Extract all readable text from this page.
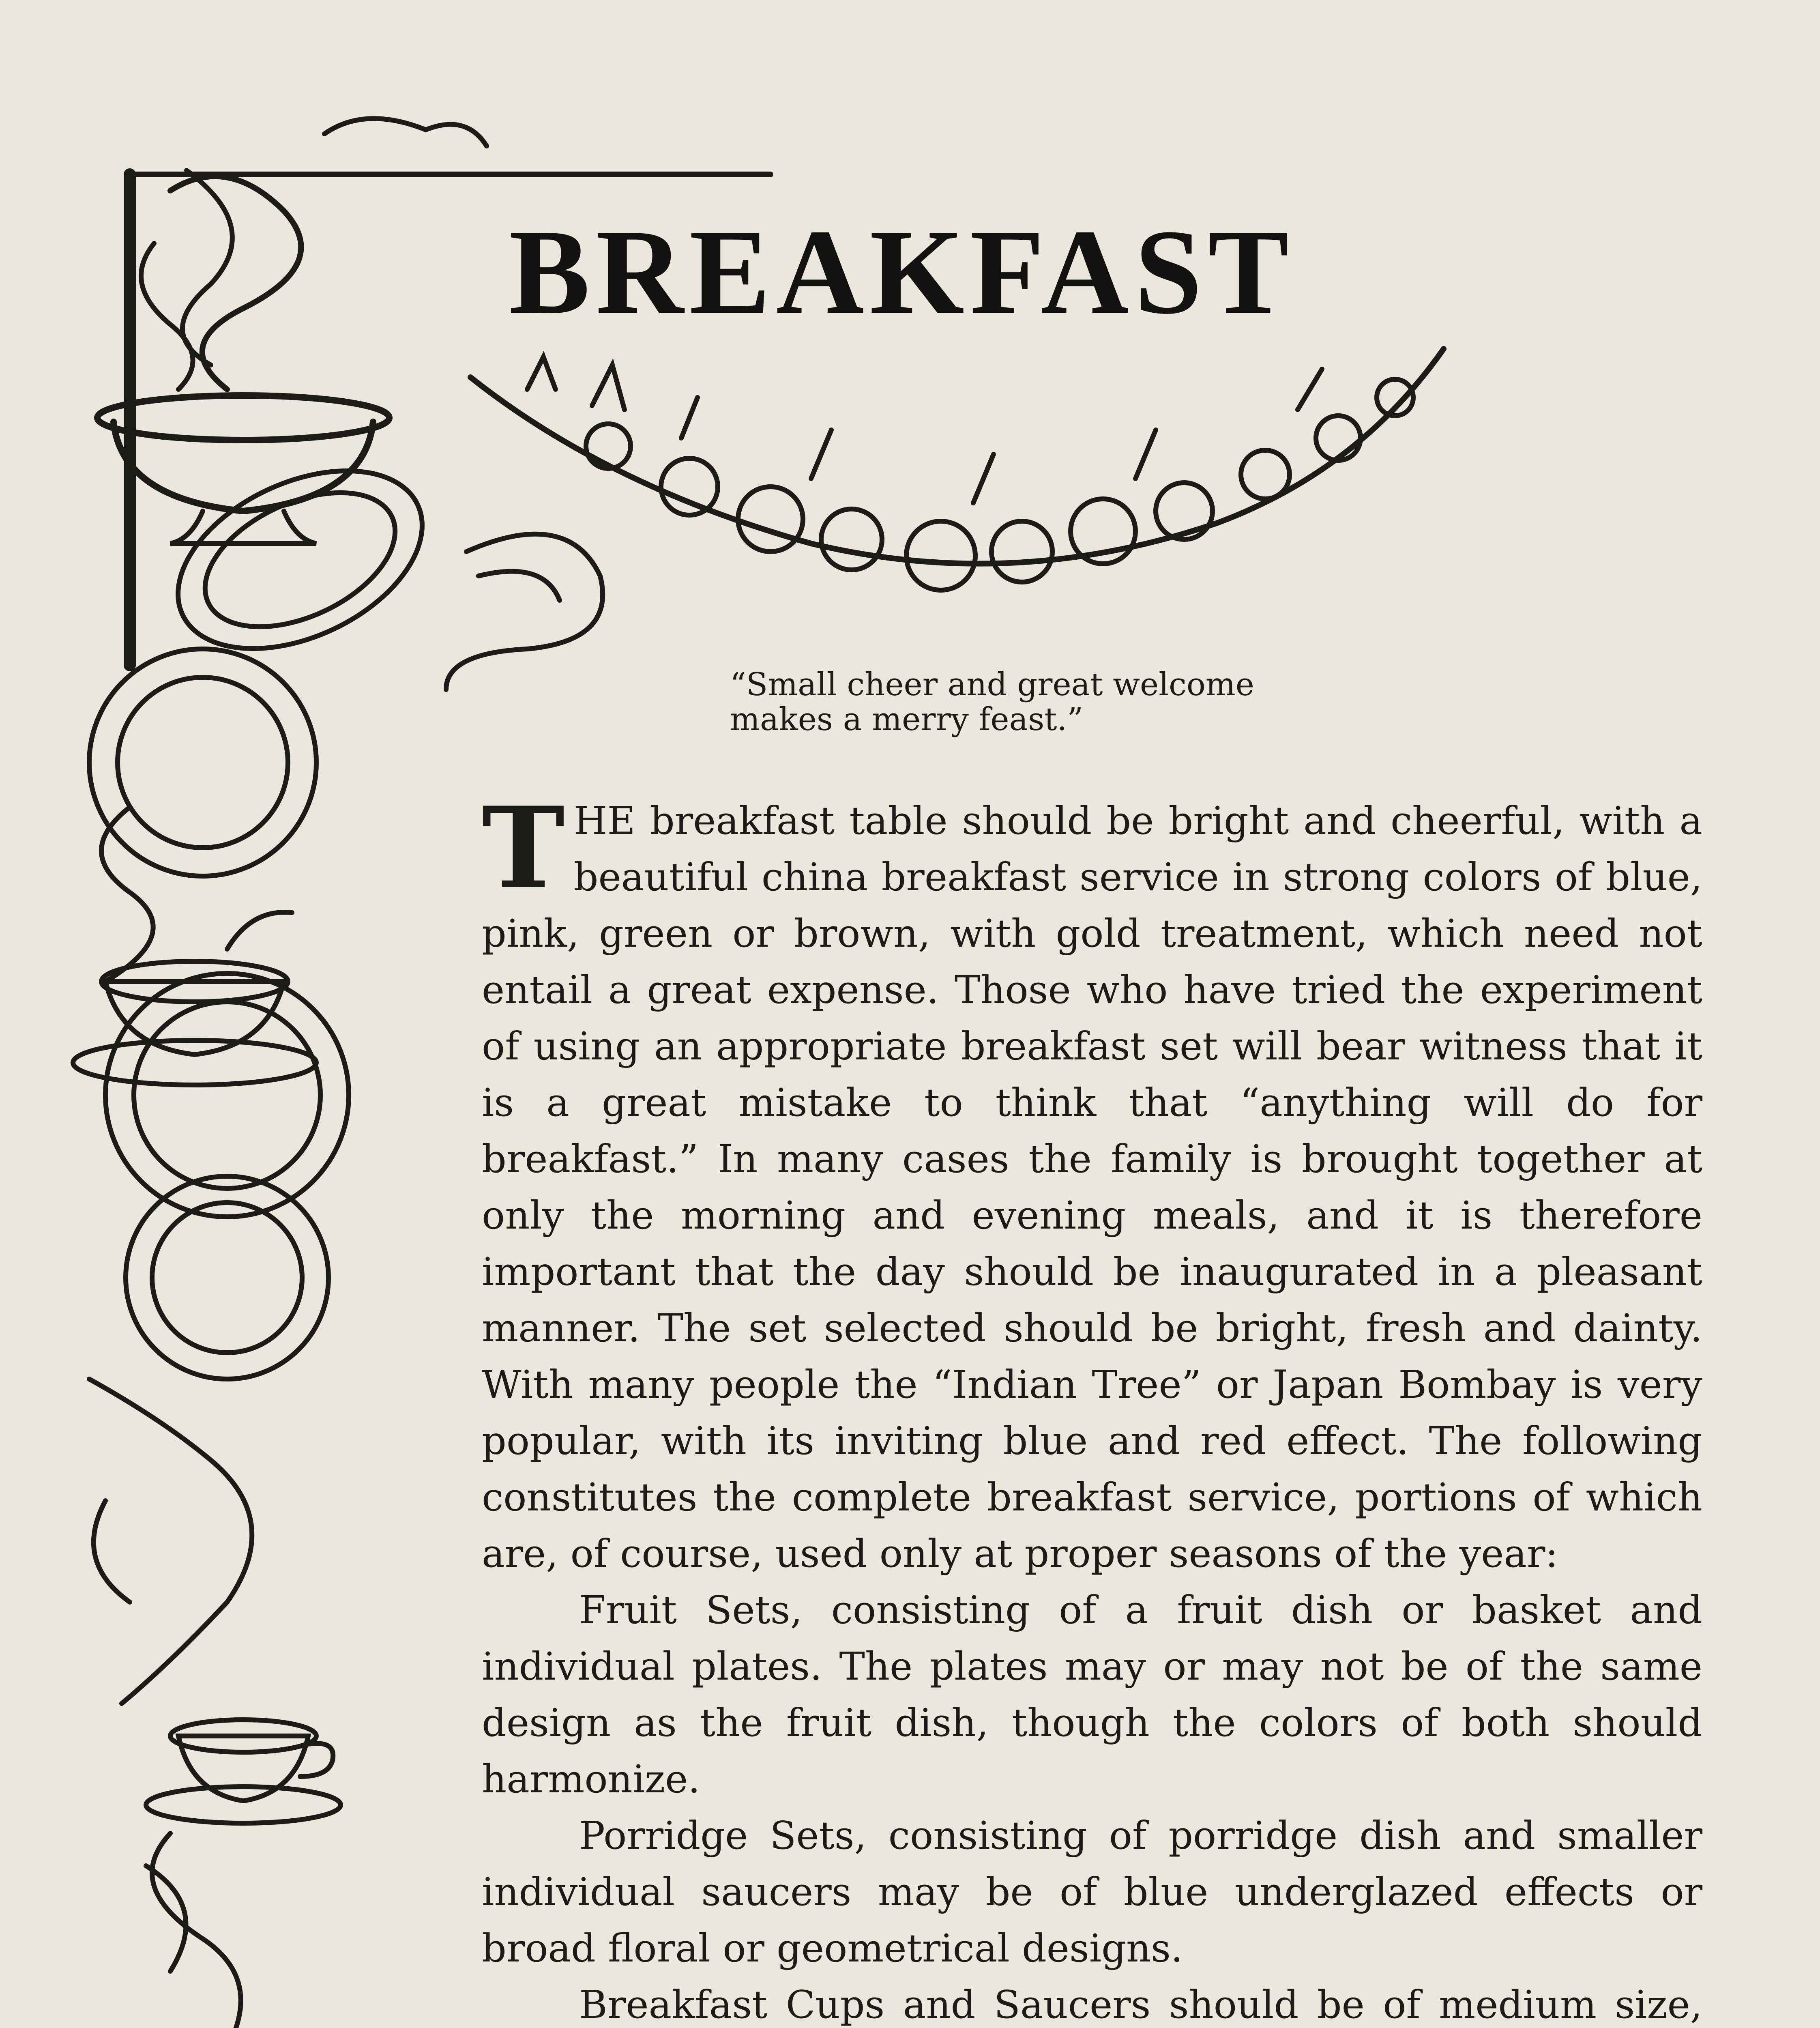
BREAKFAST
“Small cheer and great welcome
makes a merry feast.”

THE breakfast table should be bright and cheerful, with a beautiful china breakfast service in strong colors of blue, pink, green or brown, with gold treatment, which need not entail a great expense. Those who have tried the experiment of using an appropriate breakfast set will bear witness that it is a great mistake to think that “anything will do for breakfast.” In many cases the family is brought together at only the morning and evening meals, and it is therefore important that the day should be inaugurated in a pleasant manner. The set selected should be bright, fresh and dainty. With many people the “Indian Tree” or Japan Bombay is very popular, with its inviting blue and red effect. The following constitutes the complete breakfast service, portions of which are, of course, used only at proper seasons of the year:

Fruit Sets, consisting of a fruit dish or basket and individual plates. The plates may or may not be of the same design as the fruit dish, though the colors of both should harmonize.

Porridge Sets, consisting of porridge dish and smaller individual saucers may be of blue underglazed effects or broad floral or geometrical designs.

Breakfast Cups and Saucers should be of medium size,
